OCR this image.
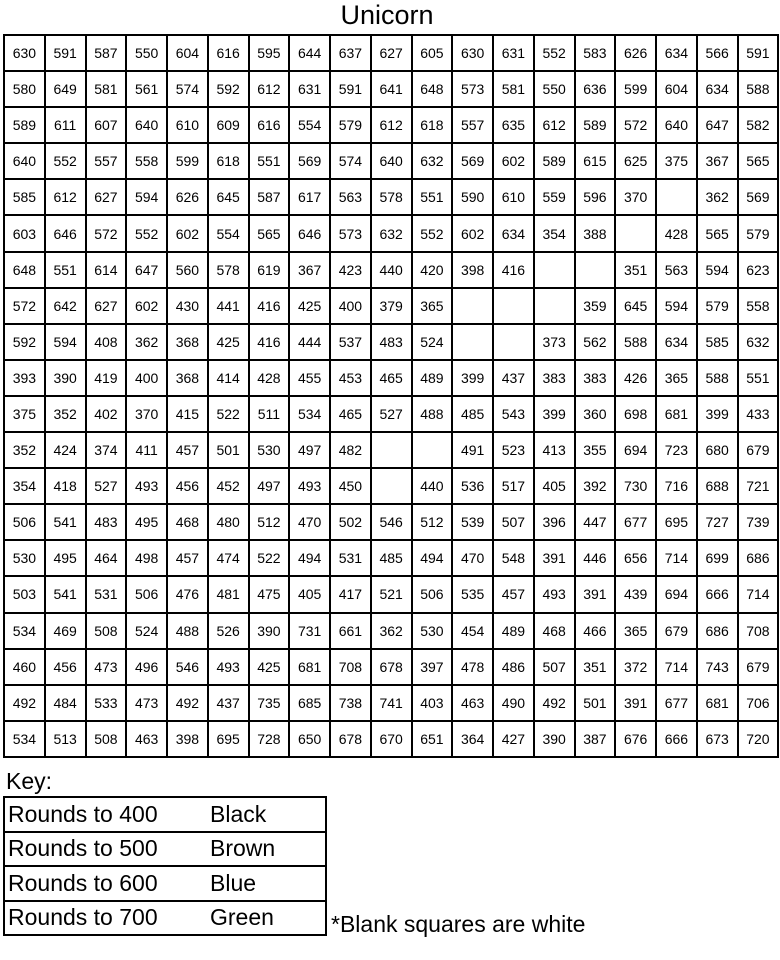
Unicorn
630	591	587	550	604	616	595	644	637	627	605	630	631	552	583	626	634	566	591
580	649	581	561	574	592	612	631	591	641	648	573	581	550	636	599	604	634	588
589	611	607	640	610	609	616	554	579	612	618	557	635	612	589	572	640	647	582
640	552	557	558	599	618	551	569	574	640	632	569	602	589	615	625	375	367	565
585	612	627	594	626	645	587	617	563	578	551	590	610	559	596	370		362	569
603	646	572	552	602	554	565	646	573	632	552	602	634	354	388		428	565	579
648	551	614	647	560	578	619	367	423	440	420	398	416			351	563	594	623
572	642	627	602	430	441	416	425	400	379	365				359	645	594	579	558
592	594	408	362	368	425	416	444	537	483	524			373	562	588	634	585	632
393	390	419	400	368	414	428	455	453	465	489	399	437	383	383	426	365	588	551
375	352	402	370	415	522	511	534	465	527	488	485	543	399	360	698	681	399	433
352	424	374	411	457	501	530	497	482			491	523	413	355	694	723	680	679
354	418	527	493	456	452	497	493	450		440	536	517	405	392	730	716	688	721
506	541	483	495	468	480	512	470	502	546	512	539	507	396	447	677	695	727	739
530	495	464	498	457	474	522	494	531	485	494	470	548	391	446	656	714	699	686
503	541	531	506	476	481	475	405	417	521	506	535	457	493	391	439	694	666	714
534	469	508	524	488	526	390	731	661	362	530	454	489	468	466	365	679	686	708
460	456	473	496	546	493	425	681	708	678	397	478	486	507	351	372	714	743	679
492	484	533	473	492	437	735	685	738	741	403	463	490	492	501	391	677	681	706
534	513	508	463	398	695	728	650	678	670	651	364	427	390	387	676	666	673	720
Key:
Rounds to 400	Black

Rounds to 500	Brown

Rounds to 600	Blue

Rounds to 700	Green	*Blank squares are white
